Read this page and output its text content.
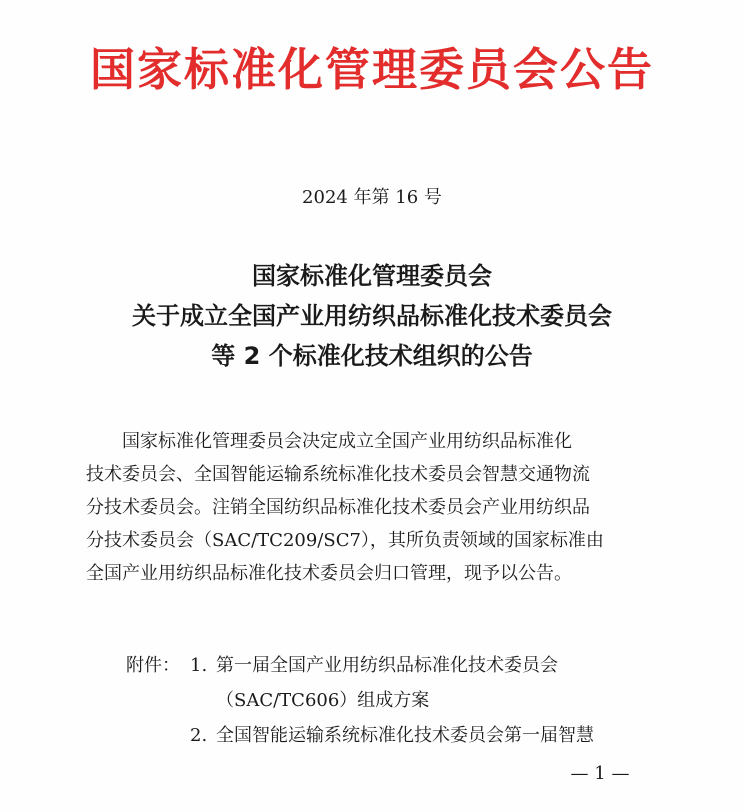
国家标准化管理委员会公告
2024 年第 16 号
国家标准化管理委员会
关于成立全国产业用纺织品标准化技术委员会
等 2 个标准化技术组织的公告
国家标准化管理委员会决定成立全国产业用纺织品标准化
技术委员会、全国智能运输系统标准化技术委员会智慧交通物流
分技术委员会。注销全国纺织品标准化技术委员会产业用纺织品
分技术委员会（SAC/TC209/SC7），其所负责领域的国家标准由
全国产业用纺织品标准化技术委员会归口管理，现予以公告。
附件： 1. 第一届全国产业用纺织品标准化技术委员会
（SAC/TC606）组成方案
2. 全国智能运输系统标准化技术委员会第一届智慧
— 1 —
